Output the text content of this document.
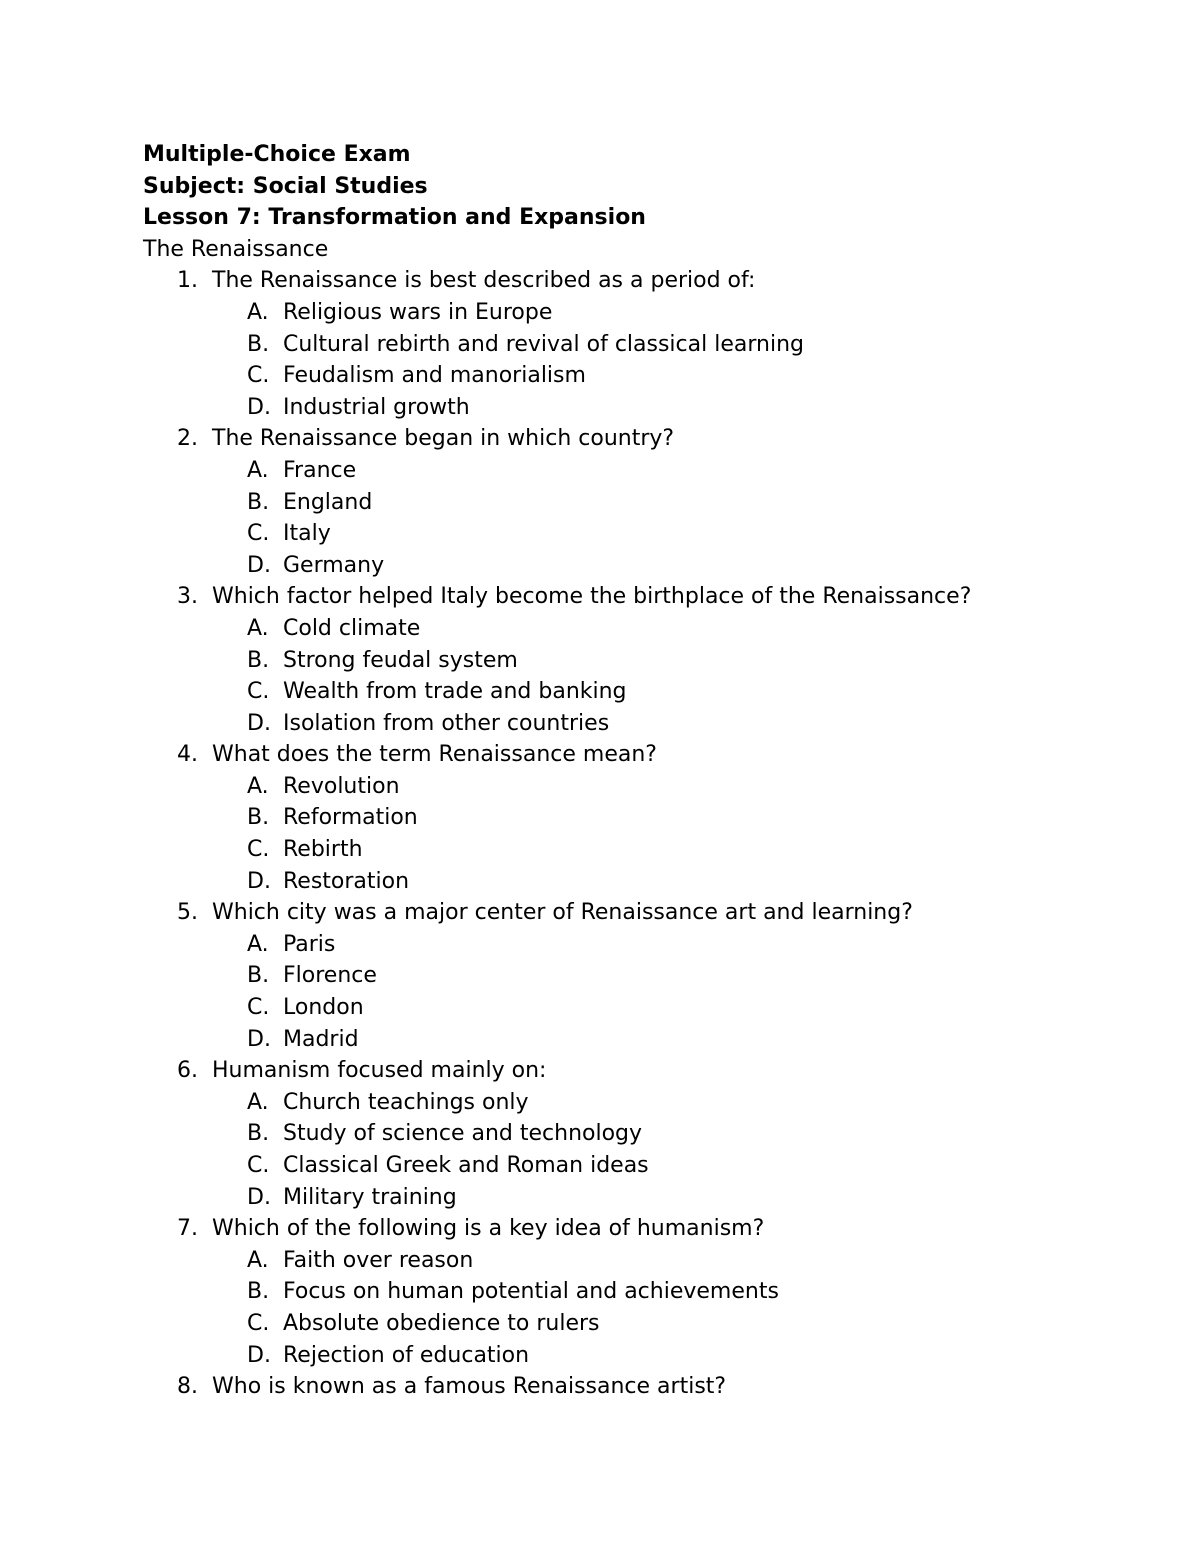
Multiple-Choice Exam
Subject: Social Studies
Lesson 7: Transformation and Expansion
The Renaissance
1. The Renaissance is best described as a period of:
A. Religious wars in Europe
B. Cultural rebirth and revival of classical learning
C. Feudalism and manorialism
D. Industrial growth
2. The Renaissance began in which country?
A. France
B. England
C. Italy
D. Germany
3. Which factor helped Italy become the birthplace of the Renaissance?
A. Cold climate
B. Strong feudal system
C. Wealth from trade and banking
D. Isolation from other countries
4. What does the term Renaissance mean?
A. Revolution
B. Reformation
C. Rebirth
D. Restoration
5. Which city was a major center of Renaissance art and learning?
A. Paris
B. Florence
C. London
D. Madrid
6. Humanism focused mainly on:
A. Church teachings only
B. Study of science and technology
C. Classical Greek and Roman ideas
D. Military training
7. Which of the following is a key idea of humanism?
A. Faith over reason
B. Focus on human potential and achievements
C. Absolute obedience to rulers
D. Rejection of education
8. Who is known as a famous Renaissance artist?
